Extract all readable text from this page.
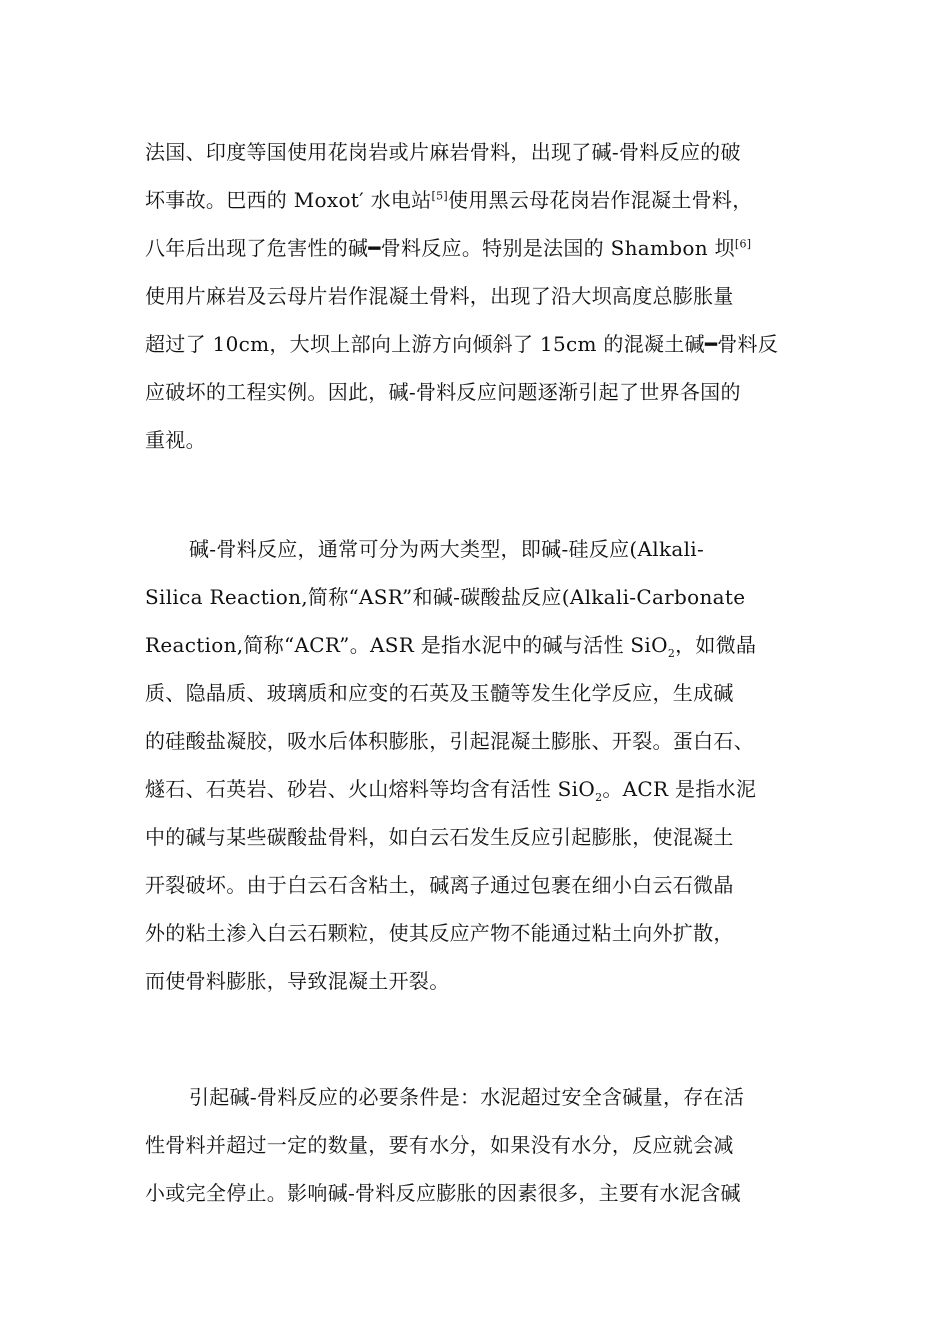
法国、印度等国使用花岗岩或片麻岩骨料，出现了碱-骨料反应的破
坏事故。巴西的 Moxot′ 水电站[5]使用黑云母花岗岩作混凝土骨料，
八年后出现了危害性的碱━骨料反应。特别是法国的 Shambon 坝[6]
使用片麻岩及云母片岩作混凝土骨料，出现了沿大坝高度总膨胀量
超过了 10cm，大坝上部向上游方向倾斜了 15cm 的混凝土碱━骨料反
应破坏的工程实例。因此，碱-骨料反应问题逐渐引起了世界各国的
重视。
碱-骨料反应，通常可分为两大类型，即碱-硅反应(Alkali-
Silica Reaction,简称“ASR”和碱-碳酸盐反应(Alkali-Carbonate
Reaction,简称“ACR”。ASR 是指水泥中的碱与活性 SiO$_2$，如微晶
质、隐晶质、玻璃质和应变的石英及玉髓等发生化学反应，生成碱
的硅酸盐凝胶，吸水后体积膨胀，引起混凝土膨胀、开裂。蛋白石、
燧石、石英岩、砂岩、火山熔料等均含有活性 SiO$_2$。ACR 是指水泥
中的碱与某些碳酸盐骨料，如白云石发生反应引起膨胀，使混凝土
开裂破坏。由于白云石含粘土，碱离子通过包裹在细小白云石微晶
外的粘土渗入白云石颗粒，使其反应产物不能通过粘土向外扩散，
而使骨料膨胀，导致混凝土开裂。
引起碱-骨料反应的必要条件是：水泥超过安全含碱量，存在活
性骨料并超过一定的数量，要有水分，如果没有水分，反应就会减
小或完全停止。影响碱-骨料反应膨胀的因素很多，主要有水泥含碱
